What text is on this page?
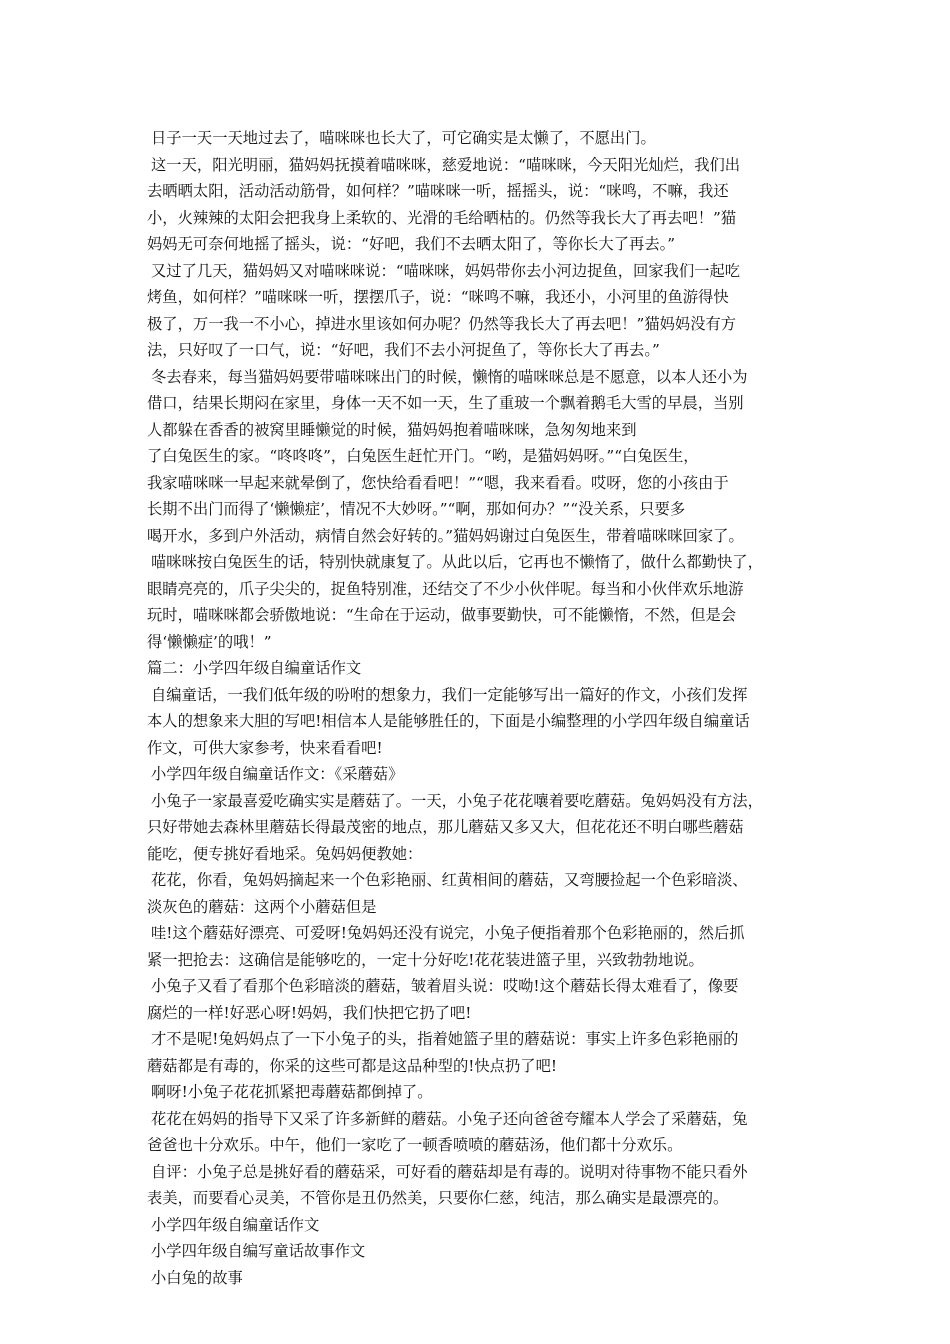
日子一天一天地过去了，喵咪咪也长大了，可它确实是太懒了，不愿出门。
这一天，阳光明丽，猫妈妈抚摸着喵咪咪，慈爱地说：“喵咪咪，今天阳光灿烂，我们出
去晒晒太阳，活动活动筋骨，如何样？”喵咪咪一听，摇摇头，说：“咪鸣，不嘛，我还
小，火辣辣的太阳会把我身上柔软的、光滑的毛给晒枯的。仍然等我长大了再去吧！”猫
妈妈无可奈何地摇了摇头，说：“好吧，我们不去晒太阳了，等你长大了再去。”
又过了几天，猫妈妈又对喵咪咪说：“喵咪咪，妈妈带你去小河边捉鱼，回家我们一起吃
烤鱼，如何样？”喵咪咪一听，摆摆爪子，说：“咪鸣不嘛，我还小，小河里的鱼游得快
极了，万一我一不小心，掉进水里该如何办呢？仍然等我长大了再去吧！”猫妈妈没有方
法，只好叹了一口气，说：“好吧，我们不去小河捉鱼了，等你长大了再去。”
冬去春来，每当猫妈妈要带喵咪咪出门的时候，懒惰的喵咪咪总是不愿意，以本人还小为
借口，结果长期闷在家里，身体一天不如一天，生了重玻一个飘着鹅毛大雪的早晨，当别
人都躲在香香的被窝里睡懒觉的时候，猫妈妈抱着喵咪咪，急匆匆地来到
了白兔医生的家。“咚咚咚”，白兔医生赶忙开门。“哟，是猫妈妈呀。”“白兔医生，
我家喵咪咪一早起来就晕倒了，您快给看看吧！”“嗯，我来看看。哎呀，您的小孩由于
长期不出门而得了‘懒懒症’，情况不大妙呀。”“啊，那如何办？”“没关系，只要多
喝开水，多到户外活动，病情自然会好转的。”猫妈妈谢过白兔医生，带着喵咪咪回家了。
喵咪咪按白兔医生的话，特别快就康复了。从此以后，它再也不懒惰了，做什么都勤快了，
眼睛亮亮的，爪子尖尖的，捉鱼特别准，还结交了不少小伙伴呢。每当和小伙伴欢乐地游
玩时，喵咪咪都会骄傲地说：“生命在于运动，做事要勤快，可不能懒惰，不然，但是会
得‘懒懒症’的哦！”
篇二：小学四年级自编童话作文
自编童话，一我们低年级的吩咐的想象力，我们一定能够写出一篇好的作文，小孩们发挥
本人的想象来大胆的写吧!相信本人是能够胜任的，下面是小编整理的小学四年级自编童话
作文，可供大家参考，快来看看吧!
小学四年级自编童话作文：《采蘑菇》
小兔子一家最喜爱吃确实实是蘑菇了。一天，小兔子花花嚷着要吃蘑菇。兔妈妈没有方法，
只好带她去森林里蘑菇长得最茂密的地点，那儿蘑菇又多又大，但花花还不明白哪些蘑菇
能吃，便专挑好看地采。兔妈妈便教她：
花花，你看，兔妈妈摘起来一个色彩艳丽、红黄相间的蘑菇，又弯腰捡起一个色彩暗淡、
淡灰色的蘑菇：这两个小蘑菇但是
哇!这个蘑菇好漂亮、可爱呀!兔妈妈还没有说完，小兔子便指着那个色彩艳丽的，然后抓
紧一把抢去：这确信是能够吃的，一定十分好吃!花花装进篮子里，兴致勃勃地说。
小兔子又看了看那个色彩暗淡的蘑菇，皱着眉头说：哎呦!这个蘑菇长得太难看了，像要
腐烂的一样!好恶心呀!妈妈，我们快把它扔了吧!
才不是呢!兔妈妈点了一下小兔子的头，指着她篮子里的蘑菇说：事实上许多色彩艳丽的
蘑菇都是有毒的，你采的这些可都是这品种型的!快点扔了吧!
啊呀!小兔子花花抓紧把毒蘑菇都倒掉了。
花花在妈妈的指导下又采了许多新鲜的蘑菇。小兔子还向爸爸夸耀本人学会了采蘑菇，兔
爸爸也十分欢乐。中午，他们一家吃了一顿香喷喷的蘑菇汤，他们都十分欢乐。
自评：小兔子总是挑好看的蘑菇采，可好看的蘑菇却是有毒的。说明对待事物不能只看外
表美，而要看心灵美，不管你是丑仍然美，只要你仁慈，纯洁，那么确实是最漂亮的。
小学四年级自编童话作文
小学四年级自编写童话故事作文
小白兔的故事
